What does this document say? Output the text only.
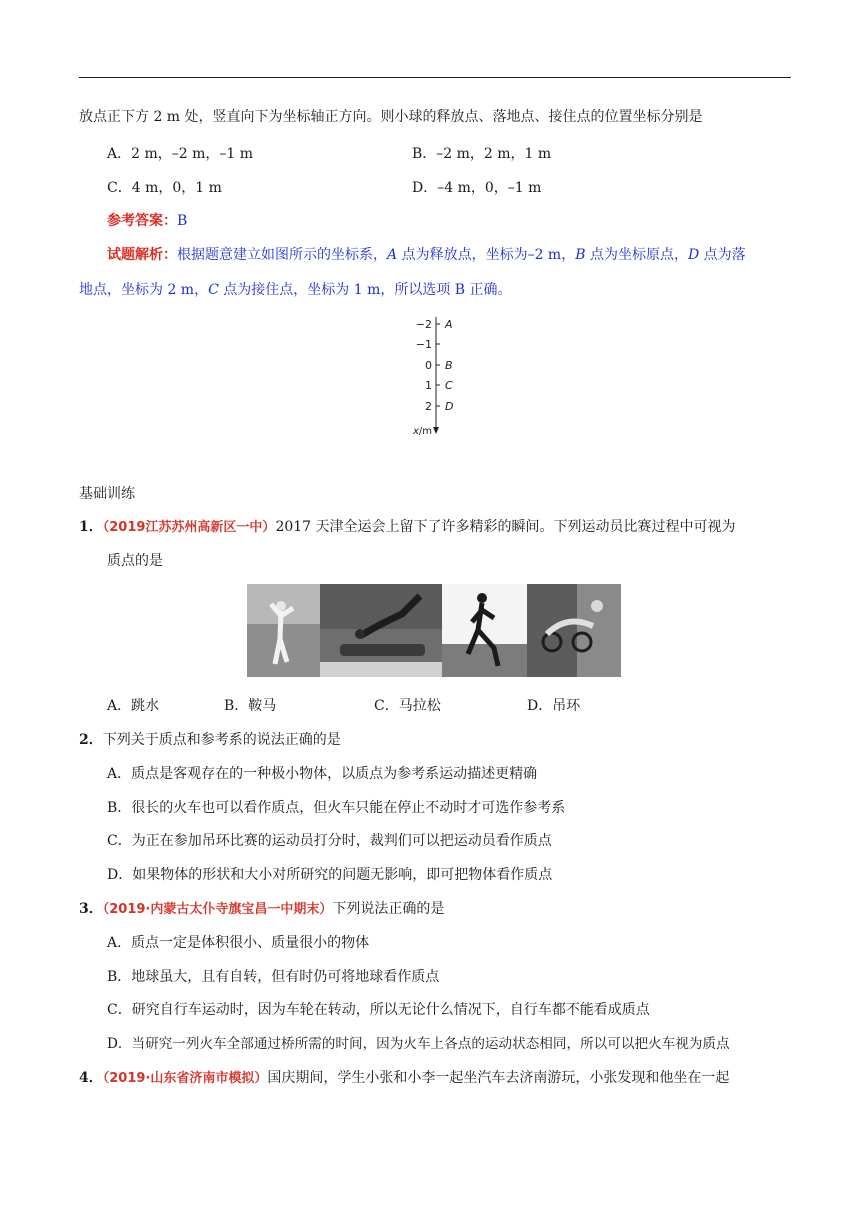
放点正下方 2 m 处，竖直向下为坐标轴正方向。则小球的释放点、落地点、接住点的位置坐标分别是
A．2 m，–2 m，–1 m	B．–2 m，2 m，1 m
C．4 m，0，1 m	D．–4 m，0，–1 m
参考答案：B
试题解析：根据题意建立如图所示的坐标系，A 点为释放点，坐标为–2 m，B 点为坐标原点，D 点为落
地点，坐标为 2 m，C 点为接住点，坐标为 1 m，所以选项 B 正确。
−2 A
−1
0 B
1 C
2 D
x/m
基础训练
1．（2019江苏苏州高新区一中）2017 天津全运会上留下了许多精彩的瞬间。下列运动员比赛过程中可视为
质点的是
A．跳水	B．鞍马	C．马拉松	D．吊环
2．下列关于质点和参考系的说法正确的是
A．质点是客观存在的一种极小物体，以质点为参考系运动描述更精确
B．很长的火车也可以看作质点，但火车只能在停止不动时才可选作参考系
C．为正在参加吊环比赛的运动员打分时，裁判们可以把运动员看作质点
D．如果物体的形状和大小对所研究的问题无影响，即可把物体看作质点
3．（2019·内蒙古太仆寺旗宝昌一中期末）下列说法正确的是
A．质点一定是体积很小、质量很小的物体
B．地球虽大，且有自转，但有时仍可将地球看作质点
C．研究自行车运动时，因为车轮在转动，所以无论什么情况下，自行车都不能看成质点
D．当研究一列火车全部通过桥所需的时间，因为火车上各点的运动状态相同，所以可以把火车视为质点
4．（2019·山东省济南市模拟）国庆期间，学生小张和小李一起坐汽车去济南游玩，小张发现和他坐在一起
